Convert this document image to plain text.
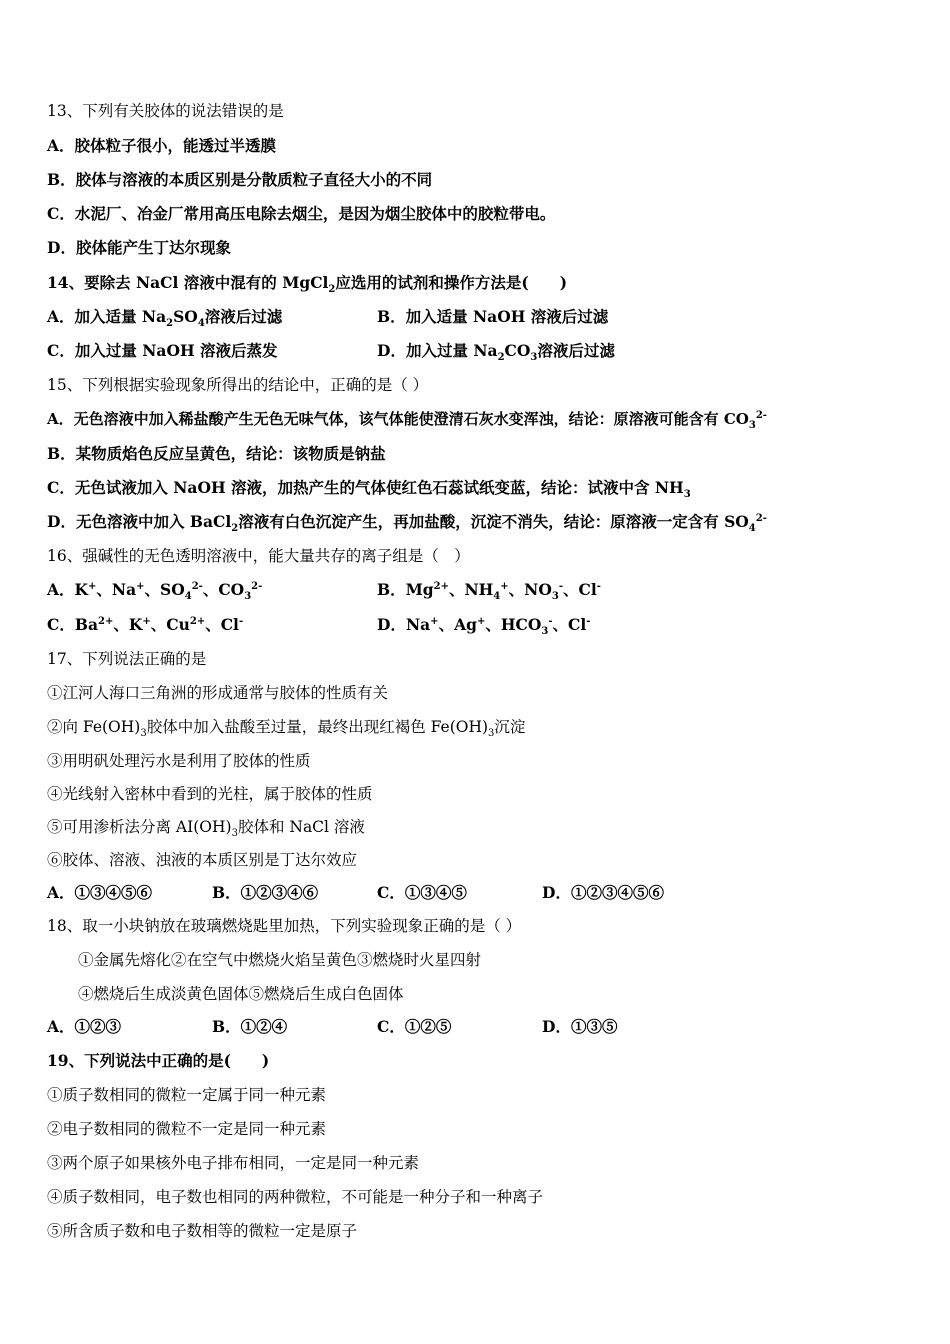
13、下列有关胶体的说法错误的是
A．胶体粒子很小，能透过半透膜
B．胶体与溶液的本质区别是分散质粒子直径大小的不同
C．水泥厂、冶金厂常用高压电除去烟尘，是因为烟尘胶体中的胶粒带电。
D．胶体能产生丁达尔现象
14、要除去 NaCl 溶液中混有的 MgCl$_2$应选用的试剂和操作方法是(　　)
A．加入适量 $Na_2SO_4$溶液后过滤	B．加入适量 NaOH 溶液后过滤
C．加入过量 NaOH 溶液后蒸发	D．加入过量 $Na_2CO_3$溶液后过滤
15、下列根据实验现象所得出的结论中，正确的是（ ）
A．无色溶液中加入稀盐酸产生无色无味气体，该气体能使澄清石灰水变浑浊，结论：原溶液可能含有 $CO_3^{2-}$
B．某物质焰色反应呈黄色，结论：该物质是钠盐
C．无色试液加入 NaOH 溶液，加热产生的气体使红色石蕊试纸变蓝，结论：试液中含 $NH_3$
D．无色溶液中加入 BaCl$_2$溶液有白色沉淀产生，再加盐酸，沉淀不消失，结论：原溶液一定含有 $SO_4^{2-}$
16、强碱性的无色透明溶液中，能大量共存的离子组是（　）
A．K+、Na+、$SO_4^{2-}$、$CO_3^{2-}$	B．$Mg^{2+}$、$NH_4^+$、$NO_3^-$、Cl-
C．$Ba^{2+}$、K+、$Cu^{2+}$、Cl-	D．Na+、Ag+、$HCO_3^-$、Cl-
17、下列说法正确的是
①江河人海口三角洲的形成通常与胶体的性质有关
②向 $Fe(OH)_3$胶体中加入盐酸至过量，最终出现红褐色 $Fe(OH)_3$沉淀
③用明矾处理污水是利用了胶体的性质
④光线射入密林中看到的光柱，属于胶体的性质
⑤可用渗析法分离 $AI(OH)_3$胶体和 NaCl 溶液
⑥胶体、溶液、浊液的本质区别是丁达尔效应
A．①③④⑤⑥	B．①②③④⑥	C．①③④⑤	D．①②③④⑤⑥
18、取一小块钠放在玻璃燃烧匙里加热，下列实验现象正确的是（ ）
①金属先熔化②在空气中燃烧火焰呈黄色③燃烧时火星四射
④燃烧后生成淡黄色固体⑤燃烧后生成白色固体
A．①②③	B．①②④	C．①②⑤	D．①③⑤
19、下列说法中正确的是(　　)
①质子数相同的微粒一定属于同一种元素
②电子数相同的微粒不一定是同一种元素
③两个原子如果核外电子排布相同，一定是同一种元素
④质子数相同，电子数也相同的两种微粒，不可能是一种分子和一种离子
⑤所含质子数和电子数相等的微粒一定是原子
